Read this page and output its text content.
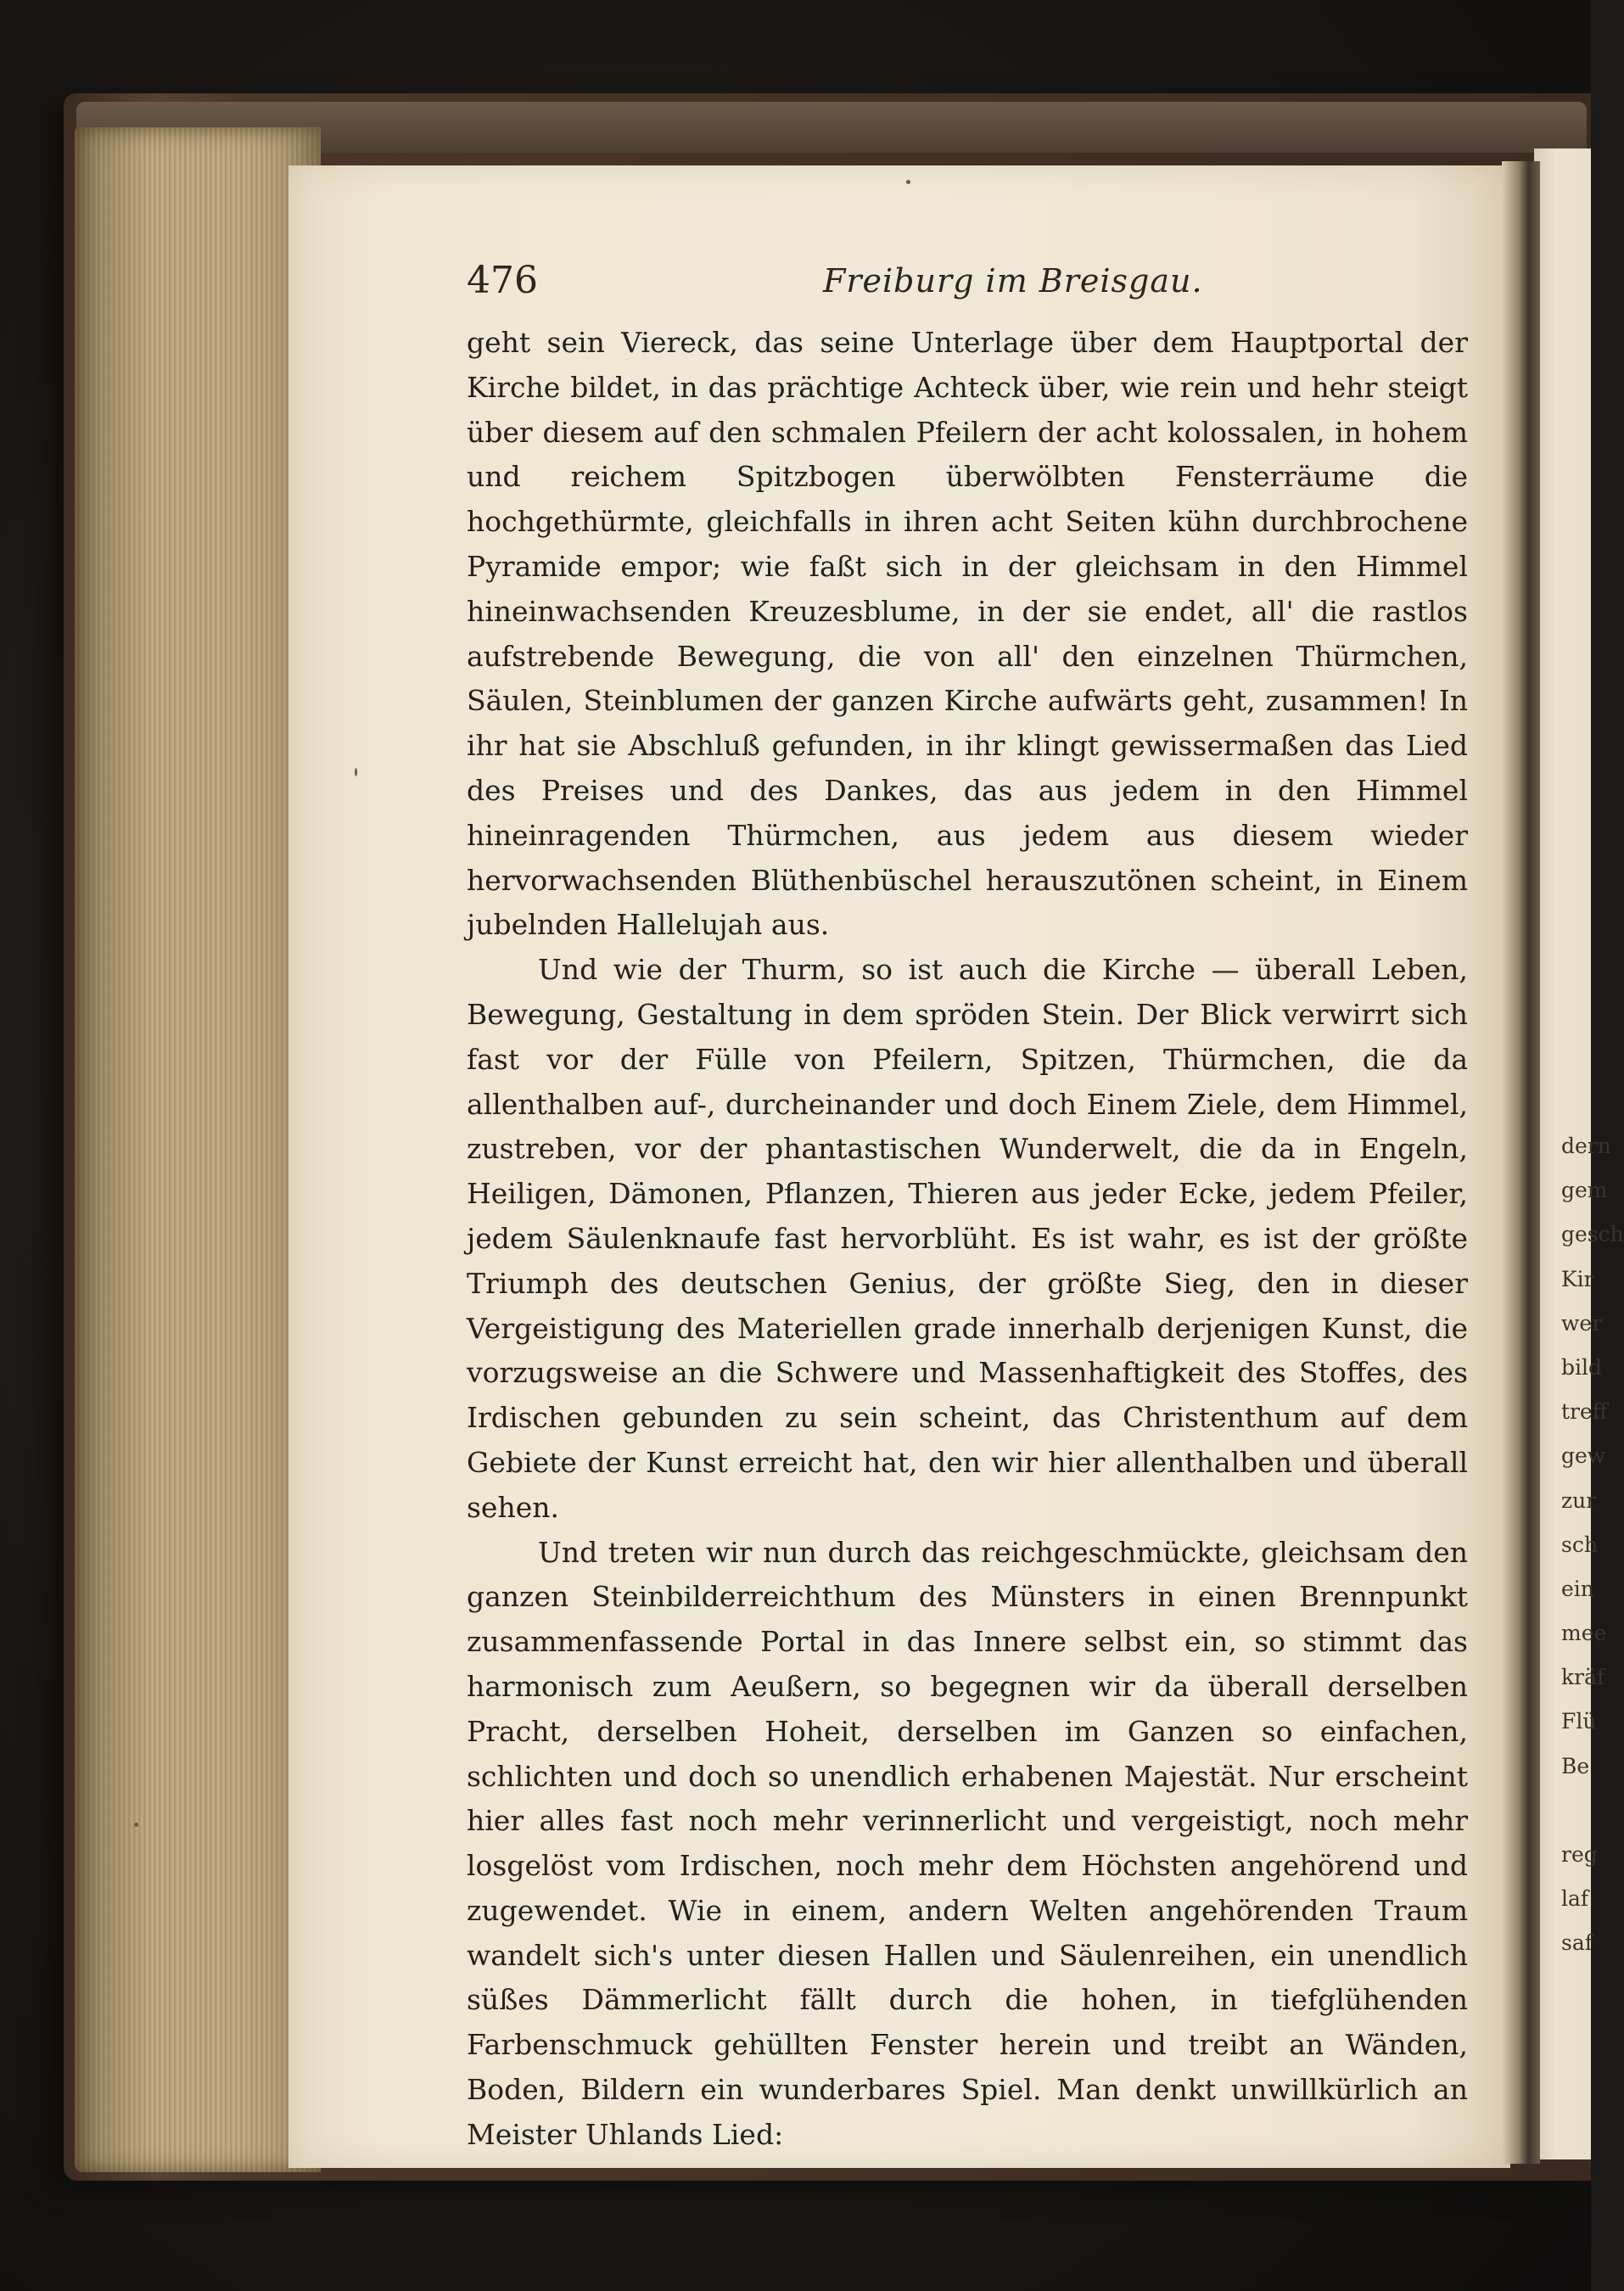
476	Freiburg im Breisgau.

geht sein Viereck, das seine Unterlage über dem Hauptportal der Kirche bildet, in das prächtige Achteck über, wie rein und hehr steigt über diesem auf den schmalen Pfeilern der acht kolossalen, in hohem und reichem Spitzbogen überwölbten Fensterräume die hochgethürmte, gleichfalls in ihren acht Seiten kühn durchbrochene Pyramide empor; wie faßt sich in der gleichsam in den Himmel hineinwachsenden Kreuzesblume, in der sie endet, all' die rastlos aufstrebende Bewegung, die von all' den einzelnen Thürmchen, Säulen, Steinblumen der ganzen Kirche aufwärts geht, zusammen! In ihr hat sie Abschluß gefunden, in ihr klingt gewissermaßen das Lied des Preises und des Dankes, das aus jedem in den Himmel hineinragenden Thürmchen, aus jedem aus diesem wieder hervorwachsenden Blüthenbüschel herauszutönen scheint, in Einem jubelnden Hallelujah aus.

Und wie der Thurm, so ist auch die Kirche — überall Leben, Bewegung, Gestaltung in dem spröden Stein. Der Blick verwirrt sich fast vor der Fülle von Pfeilern, Spitzen, Thürmchen, die da allenthalben auf-, durcheinander und doch Einem Ziele, dem Himmel, zustreben, vor der phantastischen Wunderwelt, die da in Engeln, Heiligen, Dämonen, Pflanzen, Thieren aus jeder Ecke, jedem Pfeiler, jedem Säulenknaufe fast hervorblüht. Es ist wahr, es ist der größte Triumph des deutschen Genius, der größte Sieg, den in dieser Vergeistigung des Materiellen grade innerhalb derjenigen Kunst, die vorzugsweise an die Schwere und Massenhaftigkeit des Stoffes, des Irdischen gebunden zu sein scheint, das Christenthum auf dem Gebiete der Kunst erreicht hat, den wir hier allenthalben und überall sehen.

Und treten wir nun durch das reichgeschmückte, gleichsam den ganzen Steinbilderreichthum des Münsters in einen Brennpunkt zusammenfassende Portal in das Innere selbst ein, so stimmt das harmonisch zum Aeußern, so begegnen wir da überall derselben Pracht, derselben Hoheit, derselben im Ganzen so einfachen, schlichten und doch so unendlich erhabenen Majestät. Nur erscheint hier alles fast noch mehr verinnerlicht und vergeistigt, noch mehr losgelöst vom Irdischen, noch mehr dem Höchsten angehörend und zugewendet. Wie in einem, andern Welten angehörenden Traum wandelt sich's unter diesen Hallen und Säulenreihen, ein unendlich süßes Dämmerlicht fällt durch die hohen, in tiefglühenden Farbenschmuck gehüllten Fenster herein und treibt an Wänden, Boden, Bildern ein wunderbares Spiel. Man denkt unwillkürlich an Meister Uhlands Lied:

dern
gem
gesch
Kir
wer
bild
treff
gew
zur
sch
ein
mee
kräf
Flü
Be
reg
laf
saf
